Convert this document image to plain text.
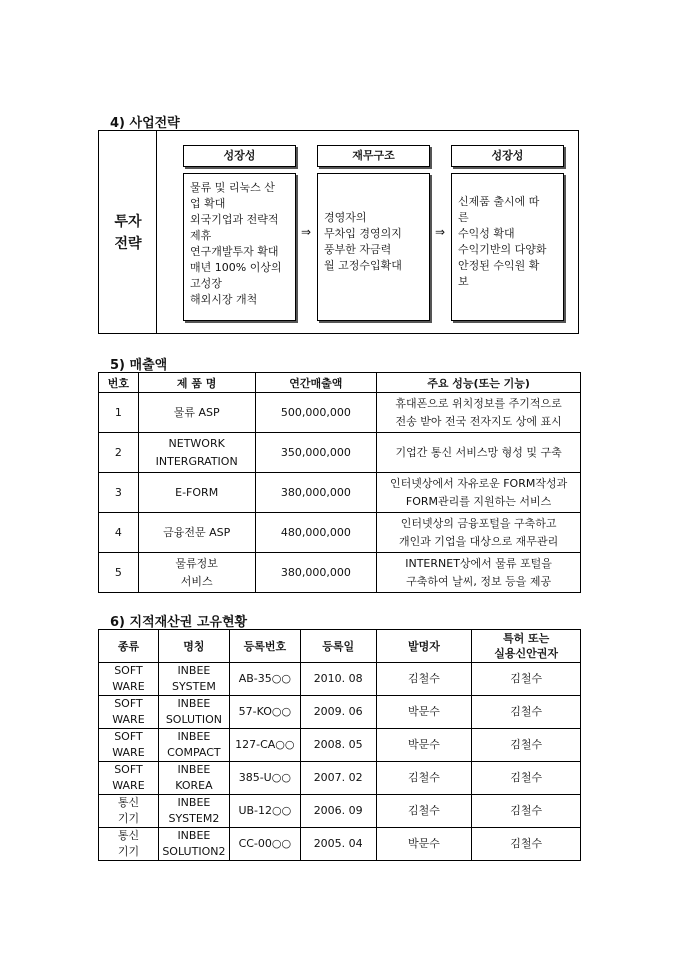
4) 사업전략
투자
전략
성장성
물류 및 리눅스 산
업 확대
외국기업과 전략적
제휴
연구개발투자 확대
매년 100% 이상의
고성장
해외시장 개척
⇒
재무구조
경영자의
무차입 경영의지
풍부한 자금력
월 고정수입확대
⇒
성장성
신제품 출시에 따
른
수익성 확대
수익기반의 다양화
안정된 수익원 확
보
5) 매출액
번호	제 품 명	연간매출액	주요 성능(또는 기능)
1	물류 ASP	500,000,000	휴대폰으로 위치정보를 주기적으로
전송 받아 전국 전자지도 상에 표시
2	NETWORK
INTERGRATION	350,000,000	기업간 통신 서비스망 형성 및 구축
3	E-FORM	380,000,000	인터넷상에서 자유로운 FORM작성과
FORM관리를 지원하는 서비스
4	금융전문 ASP	480,000,000	인터넷상의 금융포털을 구축하고
개인과 기업을 대상으로 재무관리
5	물류정보
서비스	380,000,000	INTERNET상에서 물류 포털을
구축하여 날씨, 정보 등을 제공
6) 지적재산권 고유현황
종류	명칭	등록번호	등록일	발명자	특허 또는
실용신안권자
SOFT
WARE	INBEE
SYSTEM	AB-35○○	2010. 08	김철수	김철수
SOFT
WARE	INBEE
SOLUTION	57-KO○○	2009. 06	박문수	김철수
SOFT
WARE	INBEE
COMPACT	127-CA○○	2008. 05	박문수	김철수
SOFT
WARE	INBEE
KOREA	385-U○○	2007. 02	김철수	김철수
통신
기기	INBEE
SYSTEM2	UB-12○○	2006. 09	김철수	김철수
통신
기기	INBEE
SOLUTION2	CC-00○○	2005. 04	박문수	김철수
